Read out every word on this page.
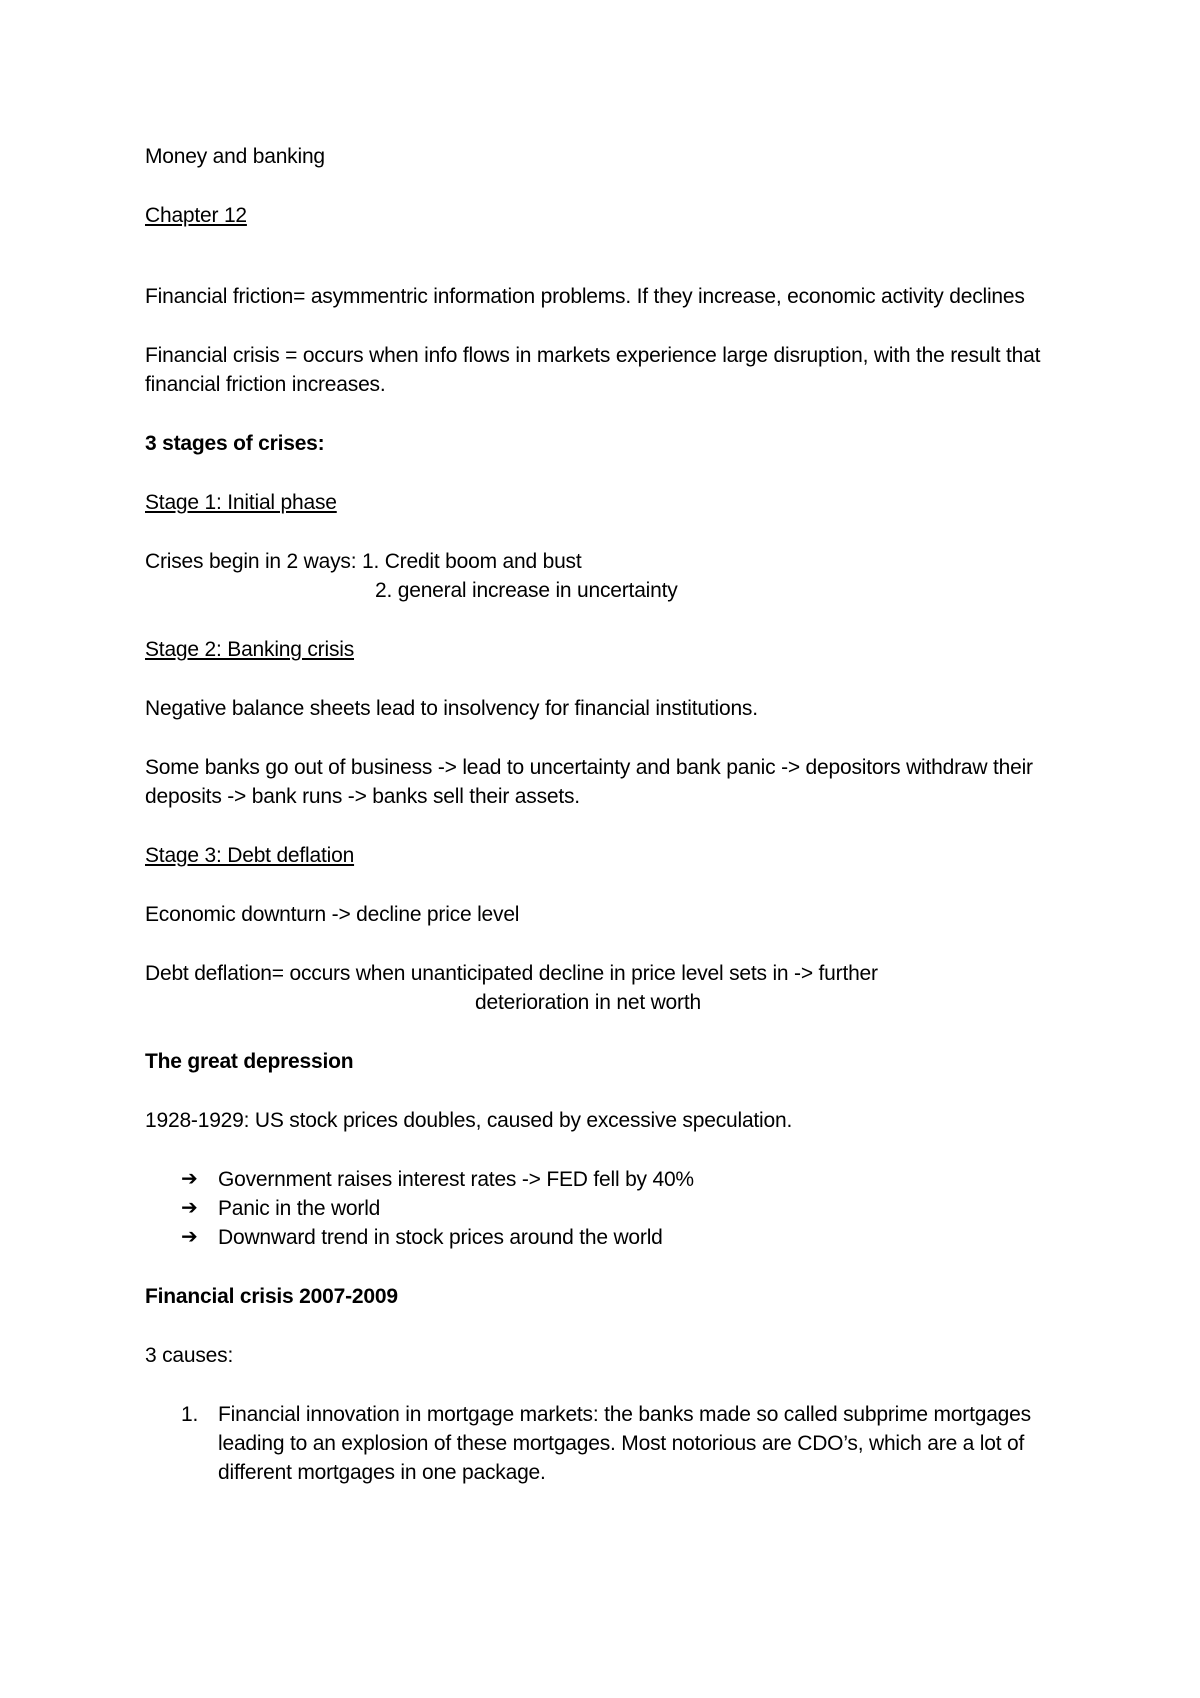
Money and banking

Chapter 12

Financial friction= asymmentric information problems. If they increase, economic activity declines

Financial crisis = occurs when info flows in markets experience large disruption, with the result that financial friction increases.

3 stages of crises:

Stage 1: Initial phase

Crises begin in 2 ways: 1. Credit boom and bust
2. general increase in uncertainty

Stage 2: Banking crisis

Negative balance sheets lead to insolvency for financial institutions.

Some banks go out of business -> lead to uncertainty and bank panic -> depositors withdraw their deposits -> bank runs -> banks sell their assets.

Stage 3: Debt deflation

Economic downturn -> decline price level

Debt deflation= occurs when unanticipated decline in price level sets in -> further
deterioration in net worth

The great depression

1928-1929: US stock prices doubles, caused by excessive speculation.

➔ Government raises interest rates -> FED fell by 40%
➔ Panic in the world
➔ Downward trend in stock prices around the world

Financial crisis 2007-2009

3 causes:

1. Financial innovation in mortgage markets: the banks made so called subprime mortgages leading to an explosion of these mortgages. Most notorious are CDO’s, which are a lot of different mortgages in one package.
